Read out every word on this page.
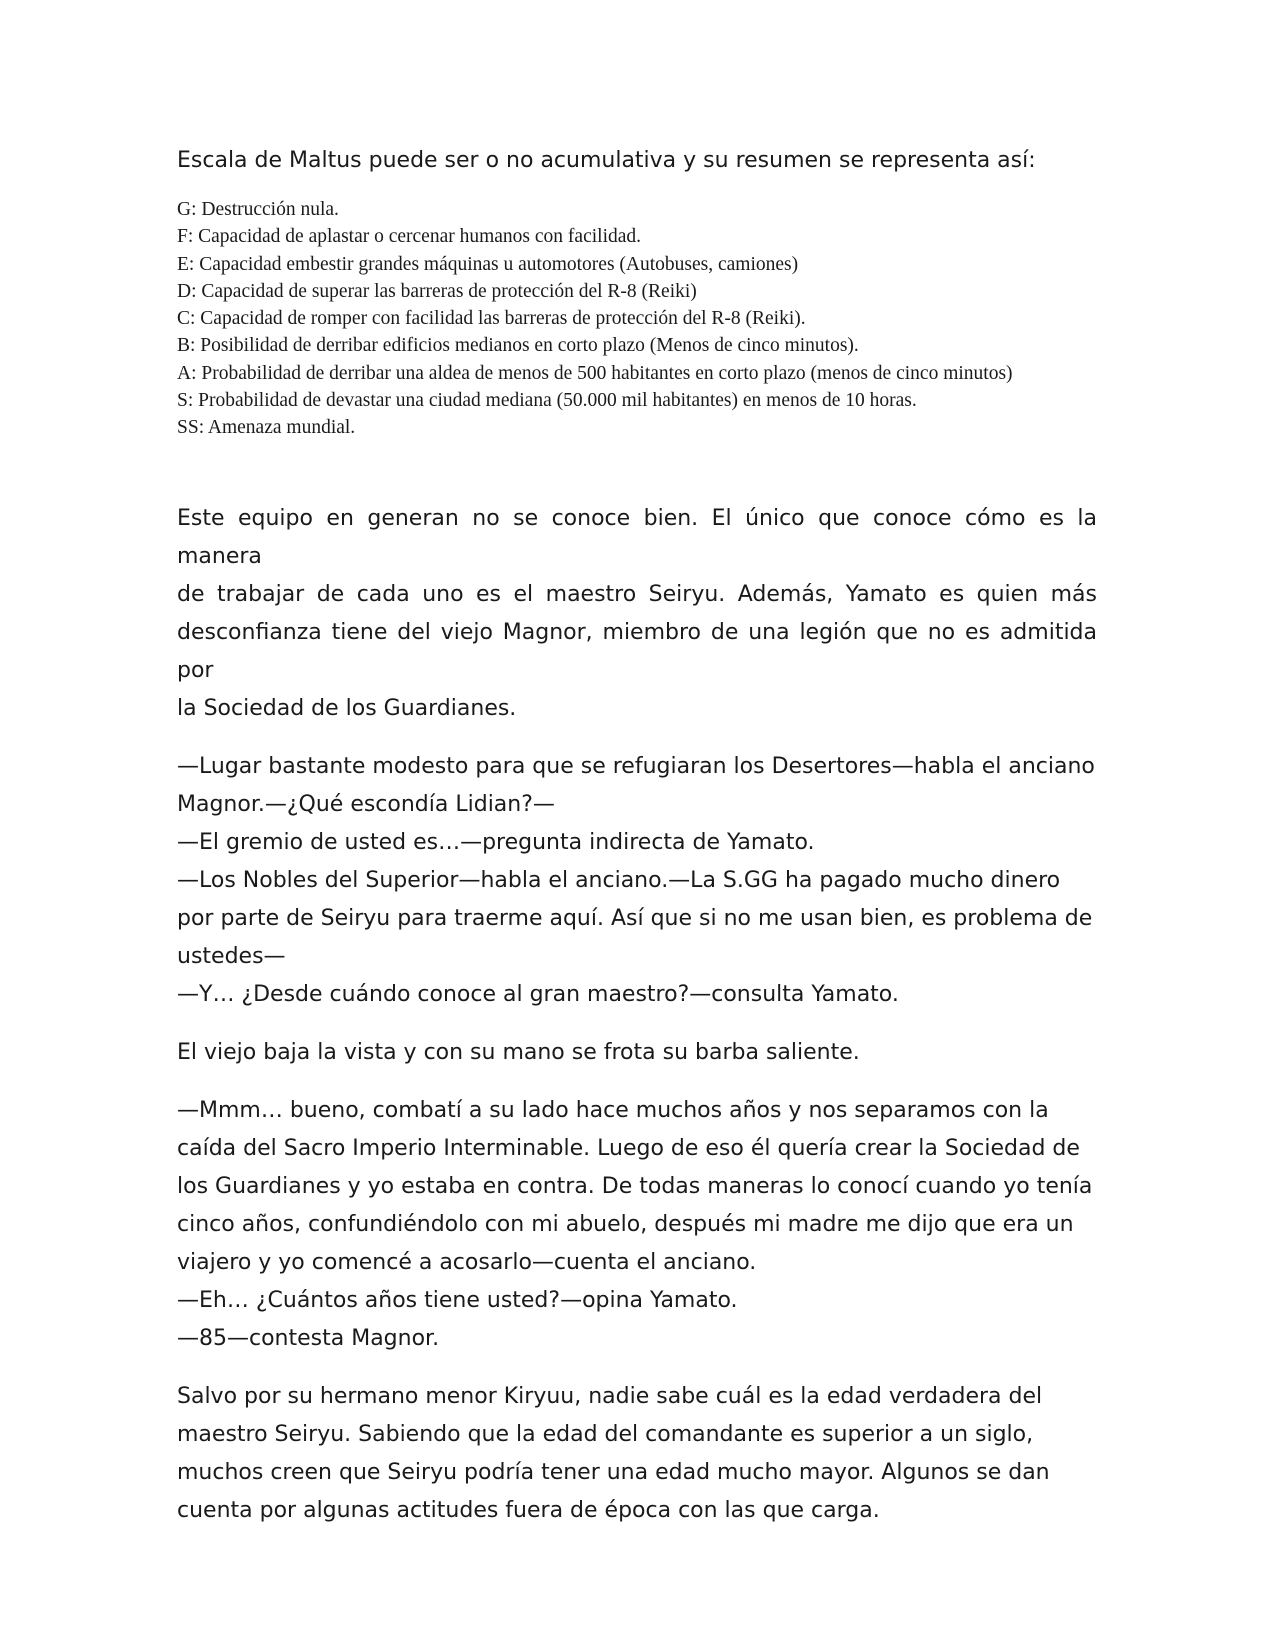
Escala de Maltus puede ser o no acumulativa y su resumen se representa así:

G: Destrucción nula.
F: Capacidad de aplastar o cercenar humanos con facilidad.
E: Capacidad embestir grandes máquinas u automotores (Autobuses, camiones)
D: Capacidad de superar las barreras de protección del R-8 (Reiki)
C: Capacidad de romper con facilidad las barreras de protección del R-8 (Reiki).
B: Posibilidad de derribar edificios medianos en corto plazo (Menos de cinco minutos).
A: Probabilidad de derribar una aldea de menos de 500 habitantes en corto plazo (menos de cinco minutos)
S: Probabilidad de devastar una ciudad mediana (50.000 mil habitantes) en menos de 10 horas.
SS: Amenaza mundial.
Este equipo en generan no se conoce bien. El único que conoce cómo es la manera
de trabajar de cada uno es el maestro Seiryu. Además, Yamato es quien más
desconfianza tiene del viejo Magnor, miembro de una legión que no es admitida por
la Sociedad de los Guardianes.
—Lugar bastante modesto para que se refugiaran los Desertores—habla el anciano
Magnor.—¿Qué escondía Lidian?—
—El gremio de usted es…—pregunta indirecta de Yamato.
—Los Nobles del Superior—habla el anciano.—La S.GG ha pagado mucho dinero
por parte de Seiryu para traerme aquí. Así que si no me usan bien, es problema de
ustedes—
—Y… ¿Desde cuándo conoce al gran maestro?—consulta Yamato.
El viejo baja la vista y con su mano se frota su barba saliente.
—Mmm… bueno, combatí a su lado hace muchos años y nos separamos con la
caída del Sacro Imperio Interminable. Luego de eso él quería crear la Sociedad de
los Guardianes y yo estaba en contra. De todas maneras lo conocí cuando yo tenía
cinco años, confundiéndolo con mi abuelo, después mi madre me dijo que era un
viajero y yo comencé a acosarlo—cuenta el anciano.
—Eh… ¿Cuántos años tiene usted?—opina Yamato.
—85—contesta Magnor.
Salvo por su hermano menor Kiryuu, nadie sabe cuál es la edad verdadera del
maestro Seiryu. Sabiendo que la edad del comandante es superior a un siglo,
muchos creen que Seiryu podría tener una edad mucho mayor. Algunos se dan
cuenta por algunas actitudes fuera de época con las que carga.
